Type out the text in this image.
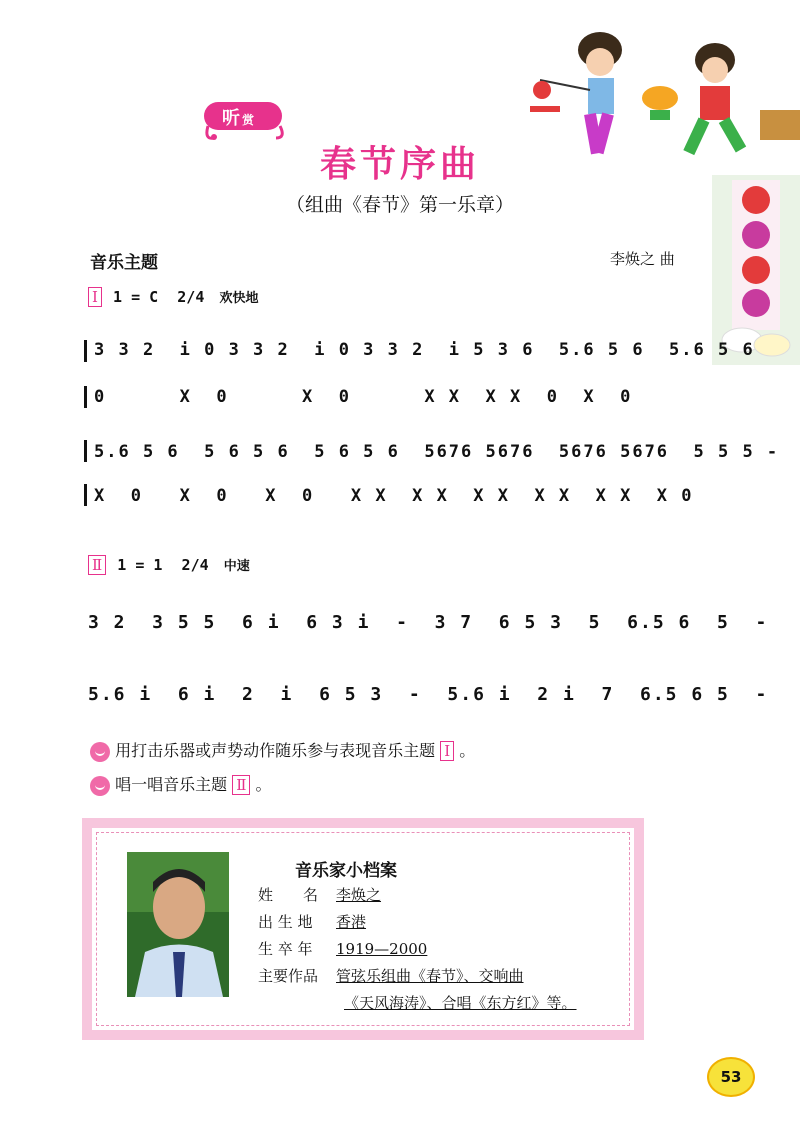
听 赏
春节序曲
（组曲《春节》第一乐章）
音乐主题	李焕之 曲
Ⅰ 1 = C 2/4 欢快地
3 3 2  i 0 3 3 2  i 0 3 3 2  i 5 3 6  5.6 5 6  5.6 5 6
0      X  0      X  0      X X  X X  0  X  0
5.6 5 6  5 6 5 6  5 6 5 6  5676 5676  5676 5676  5 5 5 -
X  0   X  0   X  0   X X  X X  X X  X X  X X  X 0
Ⅱ 1 = 1 2/4 中速
3 2  3 5 5  6 i  6 3 i  -  3 7  6 5 3  5  6.5 6  5  -
5.6 i  6 i  2  i  6 5 3  -  5.6 i  2 i  7  6.5 6 5  -
用打击乐器或声势动作随乐参与表现音乐主题 Ⅰ 。
唱一唱音乐主题 Ⅱ 。
音乐家小档案
姓　　名 李焕之
出 生 地 香港
生 卒 年 1919—2000
主要作品 管弦乐组曲《春节》、交响曲
《天风海涛》、合唱《东方红》等。
53
